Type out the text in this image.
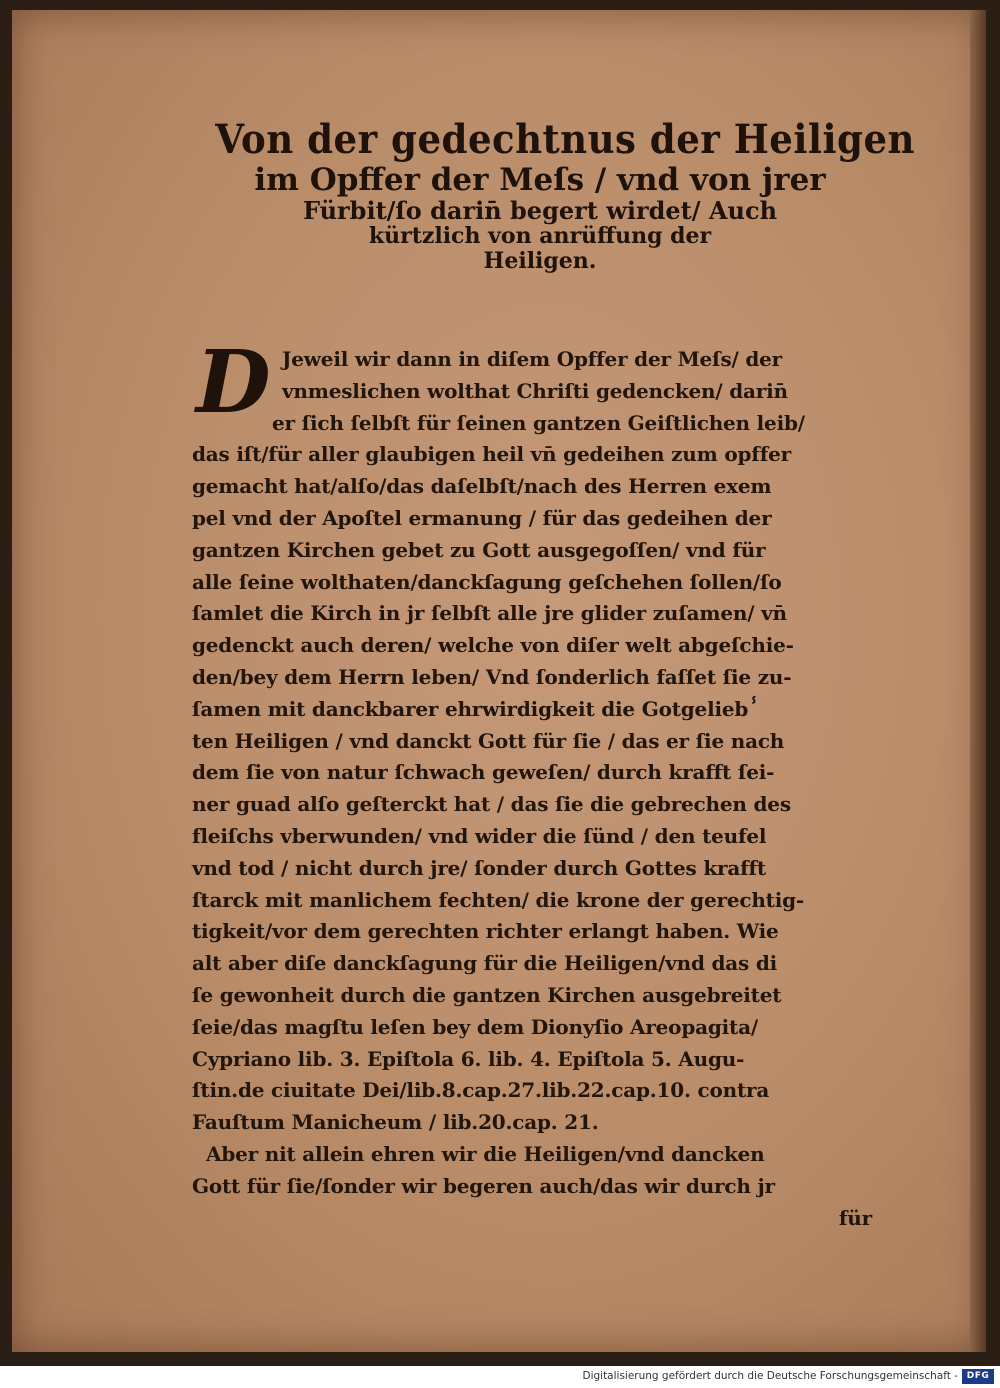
Von der gedechtnus der Heiligen
im Opffer der Meſs / vnd von jrer
Fürbit/ſo darin̄ begert wirdet/ Auch
kürtzlich von anrüffung der
Heiligen.
D Jeweil wir dann in diſem Opffer der Meſs/ der
vnmeslichen wolthat Chriſti gedencken/ darin̄
er ſich ſelbſt für ſeinen gantzen Geiſtlichen leib/
das iſt/für aller glaubigen heil vn̄ gedeihen zum opffer
gemacht hat/alſo/das daſelbſt/nach des Herren exem
pel vnd der Apoſtel ermanung / für das gedeihen der
gantzen Kirchen gebet zu Gott ausgegoſſen/ vnd für
alle ſeine wolthaten/danckſagung geſchehen ſollen/ſo
ſamlet die Kirch in jr ſelbſt alle jre glider zuſamen/ vn̄
gedenckt auch deren/ welche von diſer welt abgeſchie-
den/bey dem Herrn leben/ Vnd ſonderlich faſſet ſie zu-
ſamen mit danckbarer ehrwirdigkeit die Gotgeliebⸯ
ten Heiligen / vnd danckt Gott für ſie / das er ſie nach
dem ſie von natur ſchwach geweſen/ durch krafft ſei-
ner guad alſo geſterckt hat / das ſie die gebrechen des
fleiſchs vberwunden/ vnd wider die ſünd / den teufel
vnd tod / nicht durch jre/ ſonder durch Gottes krafft
ſtarck mit manlichem fechten/ die krone der gerechtig-
tigkeit/vor dem gerechten richter erlangt haben. Wie
alt aber diſe danckſagung für die Heiligen/vnd das di
ſe gewonheit durch die gantzen Kirchen ausgebreitet
ſeie/das magſtu leſen bey dem Dionyſio Areopagita/
Cypriano lib. 3. Epiſtola 6. lib. 4. Epiſtola 5. Augu-
ſtin.de ciuitate Dei/lib.8.cap.27.lib.22.cap.10. contra
Fauſtum Manicheum / lib.20.cap. 21.
Aber nit allein ehren wir die Heiligen/vnd dancken
Gott für ſie/ſonder wir begeren auch/das wir durch jr
für
Digitalisierung gefördert durch die Deutsche Forschungsgemeinschaft - DFG
